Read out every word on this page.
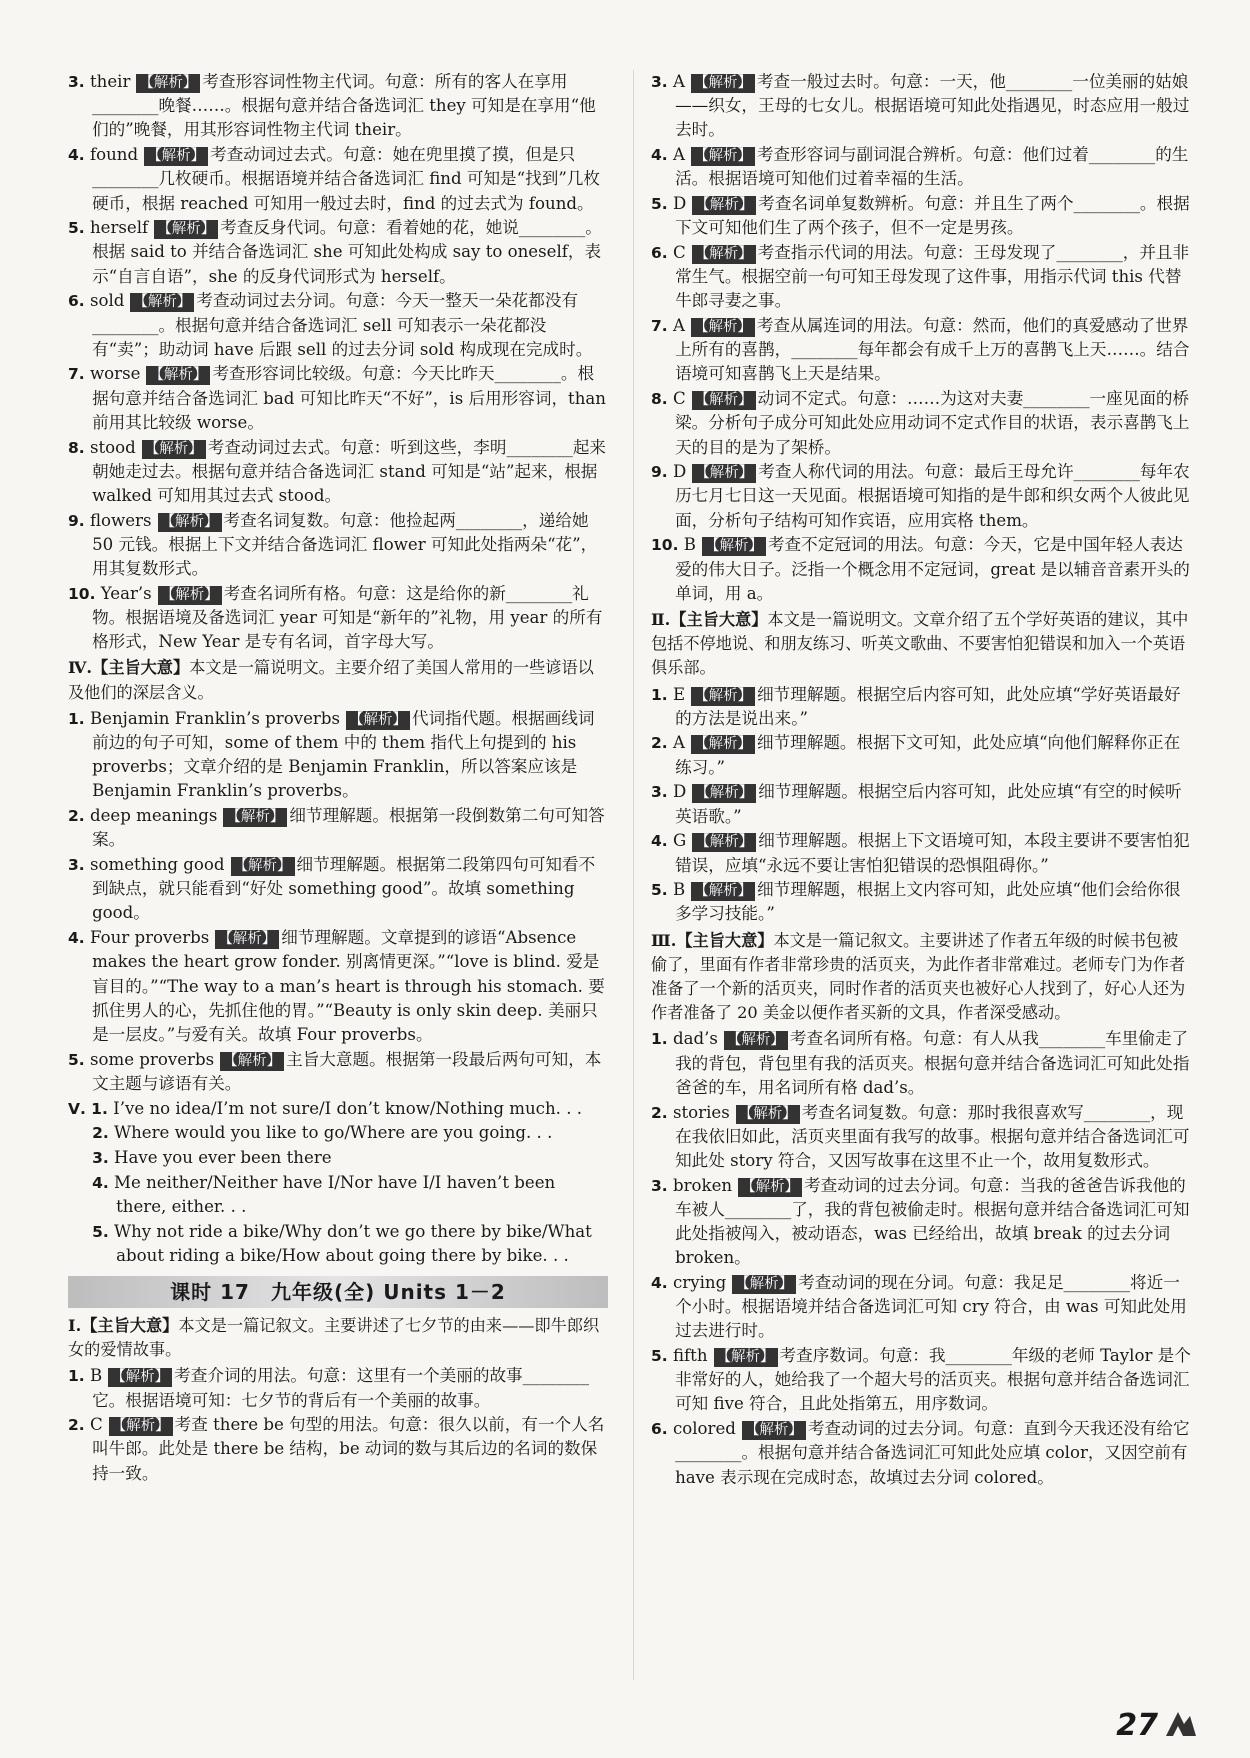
3. their 【解析】 考查形容词性物主代词。句意：所有的客人在享用________晚餐……。根据句意并结合备选词汇 they 可知是在享用“他们的”晚餐，用其形容词性物主代词 their。
4. found 【解析】 考查动词过去式。句意：她在兜里摸了摸，但是只________几枚硬币。根据语境并结合备选词汇 find 可知是“找到”几枚硬币，根据 reached 可知用一般过去时，find 的过去式为 found。
5. herself 【解析】 考查反身代词。句意：看着她的花，她说________。根据 said to 并结合备选词汇 she 可知此处构成 say to oneself，表示“自言自语”，she 的反身代词形式为 herself。
6. sold 【解析】 考查动词过去分词。句意：今天一整天一朵花都没有________。根据句意并结合备选词汇 sell 可知表示一朵花都没有“卖”；助动词 have 后跟 sell 的过去分词 sold 构成现在完成时。
7. worse 【解析】 考查形容词比较级。句意：今天比昨天________。根据句意并结合备选词汇 bad 可知比昨天“不好”，is 后用形容词，than 前用其比较级 worse。
8. stood 【解析】 考查动词过去式。句意：听到这些，李明________起来朝她走过去。根据句意并结合备选词汇 stand 可知是“站”起来，根据 walked 可知用其过去式 stood。
9. flowers 【解析】 考查名词复数。句意：他捡起两________，递给她 50 元钱。根据上下文并结合备选词汇 flower 可知此处指两朵“花”，用其复数形式。
10. Year’s 【解析】 考查名词所有格。句意：这是给你的新________礼物。根据语境及备选词汇 year 可知是“新年的”礼物，用 year 的所有格形式，New Year 是专有名词，首字母大写。
Ⅳ.【主旨大意】本文是一篇说明文。主要介绍了美国人常用的一些谚语以及他们的深层含义。
1. Benjamin Franklin’s proverbs 【解析】 代词指代题。根据画线词前边的句子可知，some of them 中的 them 指代上句提到的 his proverbs；文章介绍的是 Benjamin Franklin，所以答案应该是 Benjamin Franklin’s proverbs。
2. deep meanings 【解析】 细节理解题。根据第一段倒数第二句可知答案。
3. something good 【解析】 细节理解题。根据第二段第四句可知看不到缺点，就只能看到“好处 something good”。故填 something good。
4. Four proverbs 【解析】 细节理解题。文章提到的谚语“Absence makes the heart grow fonder. 别离情更深。”“love is blind. 爱是盲目的。”“The way to a man’s heart is through his stomach. 要抓住男人的心，先抓住他的胃。”“Beauty is only skin deep. 美丽只是一层皮。”与爱有关。故填 Four proverbs。
5. some proverbs 【解析】 主旨大意题。根据第一段最后两句可知，本文主题与谚语有关。
Ⅴ. 1. I’ve no idea/I’m not sure/I don’t know/Nothing much. . .
2. Where would you like to go/Where are you going. . .
3. Have you ever been there
4. Me neither/Neither have I/Nor have I/I haven’t been there, either. . .
5. Why not ride a bike/Why don’t we go there by bike/What about riding a bike/How about going there by bike. . .
课时 17　九年级(全) Units 1－2
Ⅰ.【主旨大意】本文是一篇记叙文。主要讲述了七夕节的由来——即牛郎织女的爱情故事。
1. B 【解析】 考查介词的用法。句意：这里有一个美丽的故事________它。根据语境可知：七夕节的背后有一个美丽的故事。
2. C 【解析】 考查 there be 句型的用法。句意：很久以前，有一个人名叫牛郎。此处是 there be 结构，be 动词的数与其后边的名词的数保持一致。
3. A 【解析】 考查一般过去时。句意：一天，他________一位美丽的姑娘——织女，王母的七女儿。根据语境可知此处指遇见，时态应用一般过去时。
4. A 【解析】 考查形容词与副词混合辨析。句意：他们过着________的生活。根据语境可知他们过着幸福的生活。
5. D 【解析】 考查名词单复数辨析。句意：并且生了两个________。根据下文可知他们生了两个孩子，但不一定是男孩。
6. C 【解析】 考查指示代词的用法。句意：王母发现了________，并且非常生气。根据空前一句可知王母发现了这件事，用指示代词 this 代替牛郎寻妻之事。
7. A 【解析】 考查从属连词的用法。句意：然而，他们的真爱感动了世界上所有的喜鹊，________每年都会有成千上万的喜鹊飞上天……。结合语境可知喜鹊飞上天是结果。
8. C 【解析】 动词不定式。句意：……为这对夫妻________一座见面的桥梁。分析句子成分可知此处应用动词不定式作目的状语，表示喜鹊飞上天的目的是为了架桥。
9. D 【解析】 考查人称代词的用法。句意：最后王母允许________每年农历七月七日这一天见面。根据语境可知指的是牛郎和织女两个人彼此见面，分析句子结构可知作宾语，应用宾格 them。
10. B 【解析】 考查不定冠词的用法。句意：今天，它是中国年轻人表达爱的伟大日子。泛指一个概念用不定冠词，great 是以辅音音素开头的单词，用 a。
Ⅱ.【主旨大意】本文是一篇说明文。文章介绍了五个学好英语的建议，其中包括不停地说、和朋友练习、听英文歌曲、不要害怕犯错误和加入一个英语俱乐部。
1. E 【解析】 细节理解题。根据空后内容可知，此处应填“学好英语最好的方法是说出来。”
2. A 【解析】 细节理解题。根据下文可知，此处应填“向他们解释你正在练习。”
3. D 【解析】 细节理解题。根据空后内容可知，此处应填“有空的时候听英语歌。”
4. G 【解析】 细节理解题。根据上下文语境可知，本段主要讲不要害怕犯错误，应填“永远不要让害怕犯错误的恐惧阻碍你。”
5. B 【解析】 细节理解题，根据上文内容可知，此处应填“他们会给你很多学习技能。”
Ⅲ.【主旨大意】本文是一篇记叙文。主要讲述了作者五年级的时候书包被偷了，里面有作者非常珍贵的活页夹，为此作者非常难过。老师专门为作者准备了一个新的活页夹，同时作者的活页夹也被好心人找到了，好心人还为作者准备了 20 美金以便作者买新的文具，作者深受感动。
1. dad’s 【解析】 考查名词所有格。句意：有人从我________车里偷走了我的背包，背包里有我的活页夹。根据句意并结合备选词汇可知此处指爸爸的车，用名词所有格 dad’s。
2. stories 【解析】 考查名词复数。句意：那时我很喜欢写________，现在我依旧如此，活页夹里面有我写的故事。根据句意并结合备选词汇可知此处 story 符合，又因写故事在这里不止一个，故用复数形式。
3. broken 【解析】 考查动词的过去分词。句意：当我的爸爸告诉我他的车被人________了，我的背包被偷走时。根据句意并结合备选词汇可知此处指被闯入，被动语态，was 已经给出，故填 break 的过去分词 broken。
4. crying 【解析】 考查动词的现在分词。句意：我足足________将近一个小时。根据语境并结合备选词汇可知 cry 符合，由 was 可知此处用过去进行时。
5. fifth 【解析】 考查序数词。句意：我________年级的老师 Taylor 是个非常好的人，她给我了一个超大号的活页夹。根据句意并结合备选词汇可知 five 符合，且此处指第五，用序数词。
6. colored 【解析】 考查动词的过去分词。句意：直到今天我还没有给它________。根据句意并结合备选词汇可知此处应填 color，又因空前有 have 表示现在完成时态，故填过去分词 colored。
27
